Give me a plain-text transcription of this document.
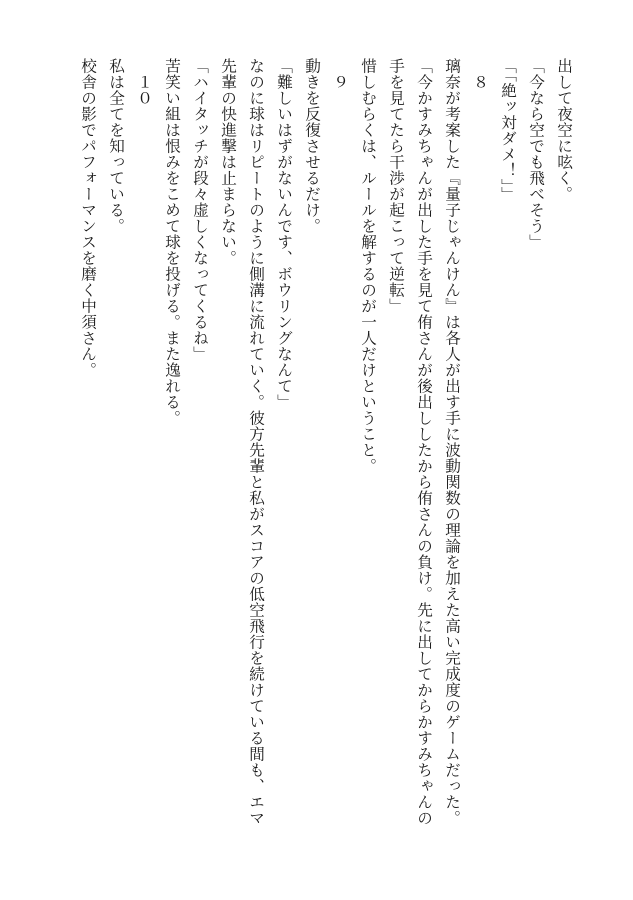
出して夜空に呟く。
「今なら空でも飛べそう」
「「絶ッ対ダメ！」」
　８
璃奈が考案した『量子じゃんけん』は各人が出す手に波動関数の理論を加えた高い完成度のゲームだった。
「今かすみちゃんが出した手を見て侑さんが後出ししたから侑さんの負け。先に出してからかすみちゃんの
手を見てたら干渉が起こって逆転」
惜しむらくは、ルールを解するのが一人だけということ。
　９
動きを反復させるだけ。
「難しいはずがないんです、ボウリングなんて」
なのに球はリピートのように側溝に流れていく。彼方先輩と私がスコアの低空飛行を続けている間も、エマ
先輩の快進撃は止まらない。
「ハイタッチが段々虚しくなってくるね」
苦笑い組は恨みをこめて球を投げる。また逸れる。
　１０
私は全てを知っている。
校舎の影でパフォーマンスを磨く中須さん。
